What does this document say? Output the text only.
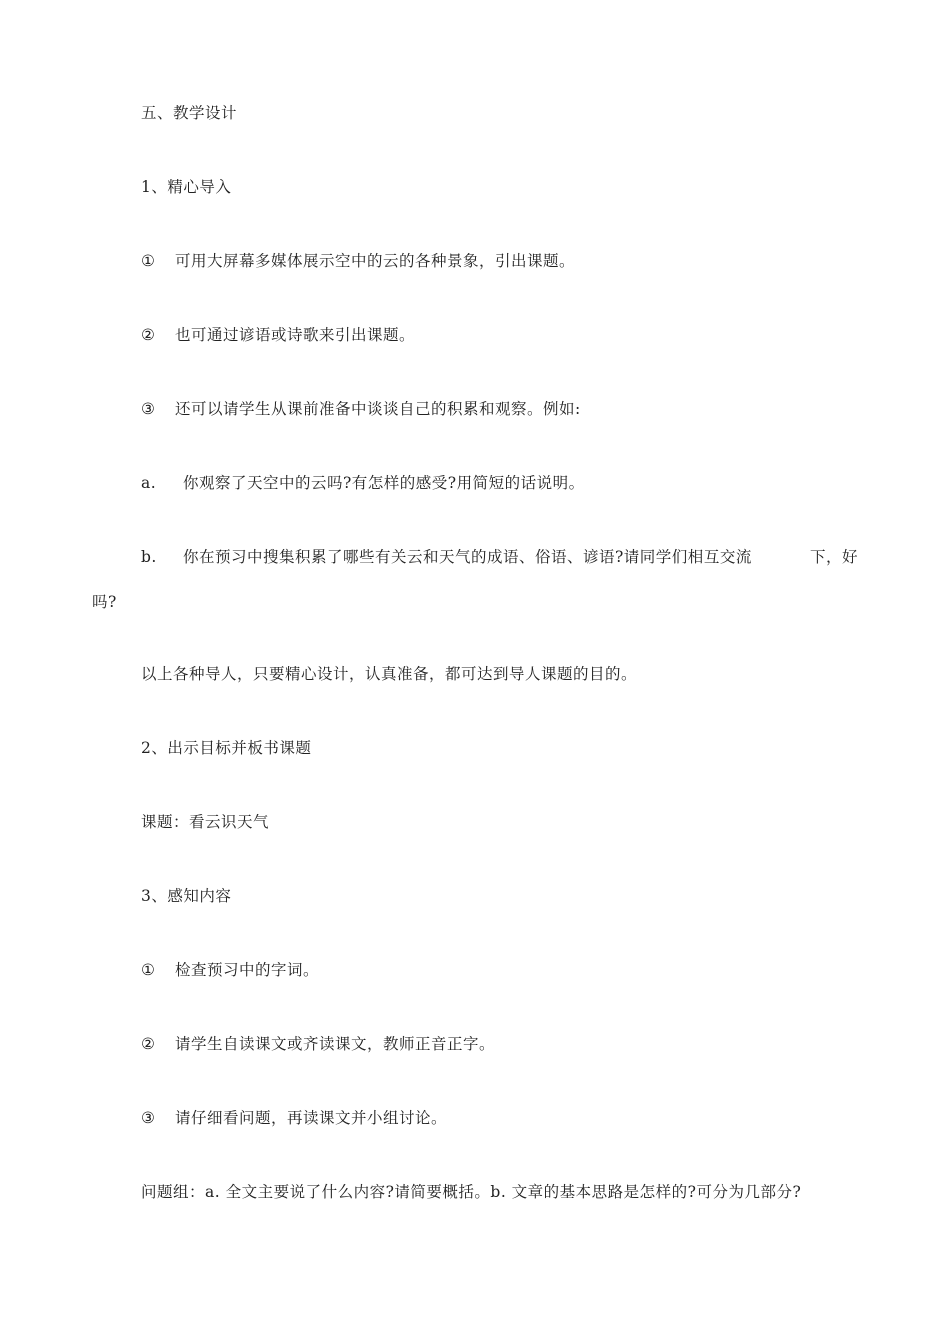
五、教学设计
1、精心导入
① 可用大屏幕多媒体展示空中的云的各种景象，引出课题。
② 也可通过谚语或诗歌来引出课题。
③ 还可以请学生从课前准备中谈谈自己的积累和观察。例如:
a. 你观察了天空中的云吗?有怎样的感受?用简短的话说明。
b. 你在预习中搜集积累了哪些有关云和天气的成语、俗语、谚语?请同学们相互交流	下，好
吗?
以上各种导人，只要精心设计，认真准备，都可达到导人课题的目的。
2、出示目标并板书课题
课题：看云识天气
3、感知内容
① 检查预习中的字词。
② 请学生自读课文或齐读课文，教师正音正字。
③ 请仔细看问题，再读课文并小组讨论。
问题组：a. 全文主要说了什么内容?请简要概括。b. 文章的基本思路是怎样的?可分为几部分?
